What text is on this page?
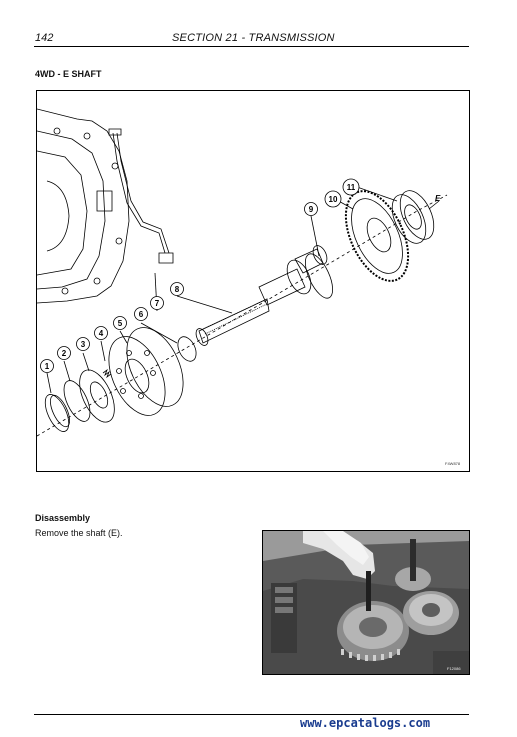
142	SECTION 21 - TRANSMISSION
4WD - E SHAFT
1
2
3
4
5
6
7
8
9
10
11
E
F4W878
Disassembly
Remove the shaft (E).
F12086
www.epcatalogs.com
